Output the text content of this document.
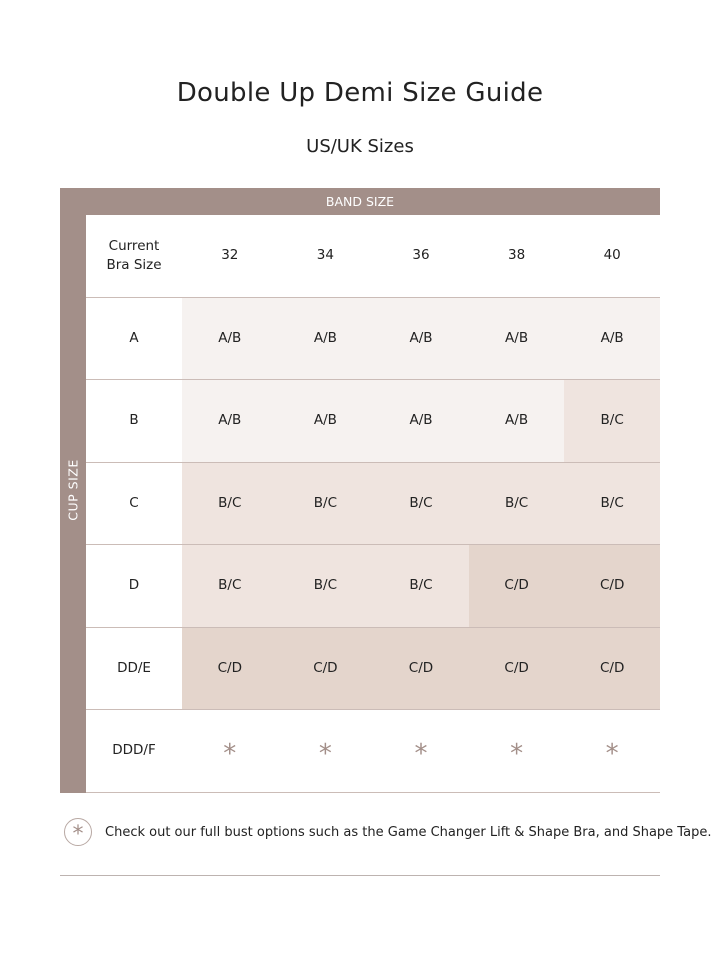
Double Up Demi Size Guide
US/UK Sizes
BAND SIZE
CUP SIZE
Current
Bra Size
32	34	36	38	40
A	A/B	A/B	A/B	A/B	A/B
B	A/B	A/B	A/B	A/B	B/C
C	B/C	B/C	B/C	B/C	B/C
D	B/C	B/C	B/C	C/D	C/D
DD/E	C/D	C/D	C/D	C/D	C/D
DDD/F	*	*	*	*	*
*	Check out our full bust options such as the Game Changer Lift & Shape Bra, and Shape Tape.
